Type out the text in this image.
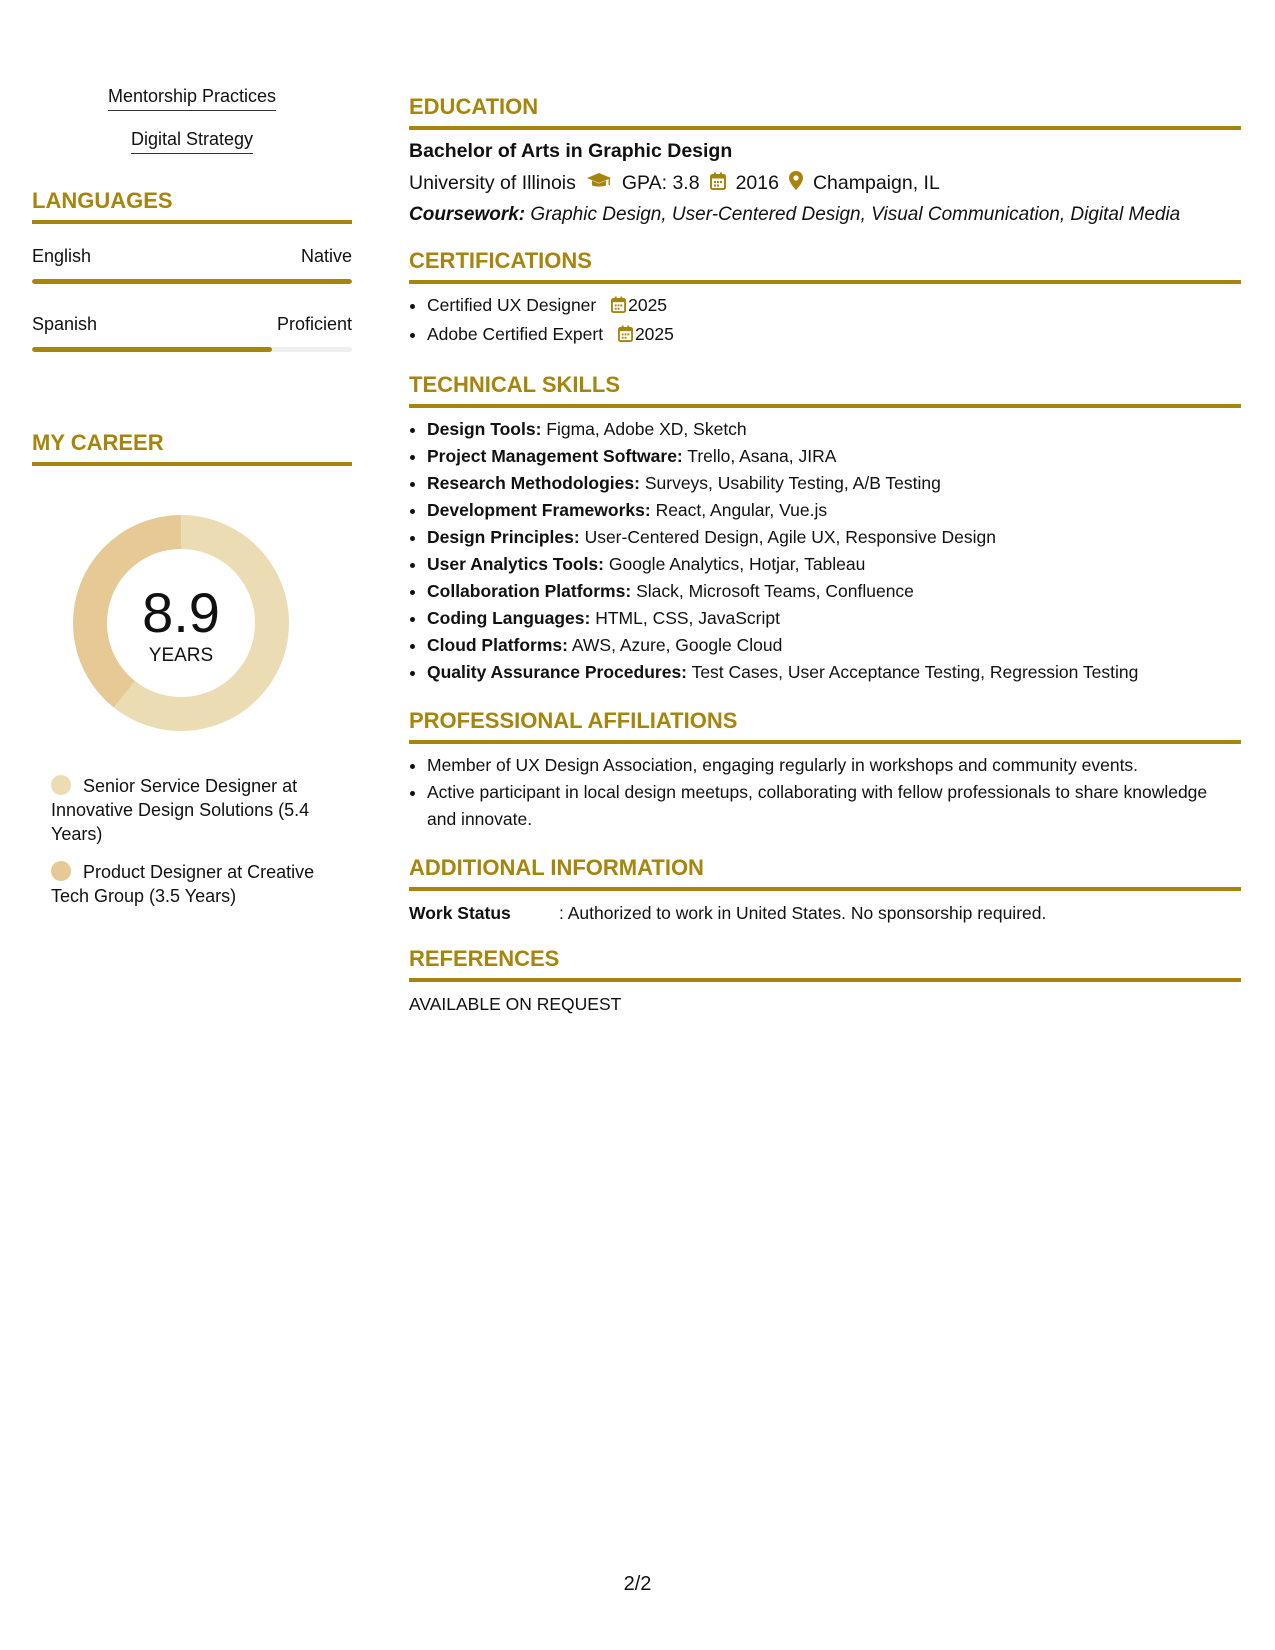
Mentorship Practices
Digital Strategy
LANGUAGES
English	Native
Spanish	Proficient
MY CAREER
8.9
YEARS
Senior Service Designer at Innovative Design Solutions (5.4 Years)
Product Designer at Creative Tech Group (3.5 Years)
EDUCATION
Bachelor of Arts in Graphic Design
University of Illinois GPA: 3.8 2016 Champaign, IL
Coursework: Graphic Design, User-Centered Design, Visual Communication, Digital Media
CERTIFICATIONS
• Certified UX Designer 2025
• Adobe Certified Expert 2025
TECHNICAL SKILLS
• Design Tools: Figma, Adobe XD, Sketch
• Project Management Software: Trello, Asana, JIRA
• Research Methodologies: Surveys, Usability Testing, A/B Testing
• Development Frameworks: React, Angular, Vue.js
• Design Principles: User-Centered Design, Agile UX, Responsive Design
• User Analytics Tools: Google Analytics, Hotjar, Tableau
• Collaboration Platforms: Slack, Microsoft Teams, Confluence
• Coding Languages: HTML, CSS, JavaScript
• Cloud Platforms: AWS, Azure, Google Cloud
• Quality Assurance Procedures: Test Cases, User Acceptance Testing, Regression Testing
PROFESSIONAL AFFILIATIONS
• Member of UX Design Association, engaging regularly in workshops and community events.
• Active participant in local design meetups, collaborating with fellow professionals to share knowledge and innovate.
ADDITIONAL INFORMATION
Work Status	: Authorized to work in United States. No sponsorship required.
REFERENCES
AVAILABLE ON REQUEST
2/2
